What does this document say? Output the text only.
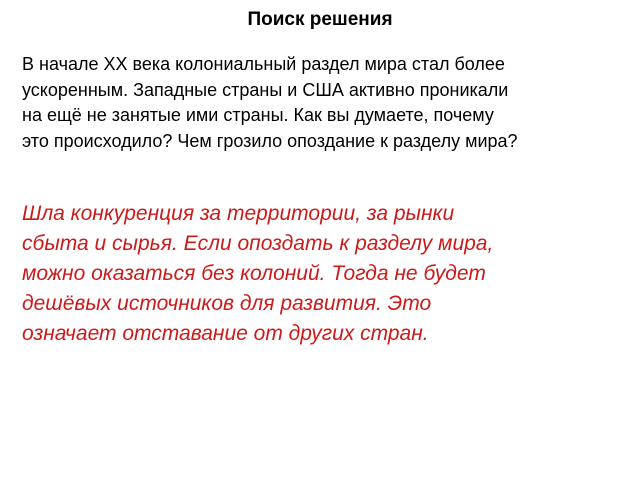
Поиск решения
В начале XX века колониальный раздел мира стал более
ускоренным. Западные страны и США активно проникали
на ещё не занятые ими страны. Как вы думаете, почему
это происходило? Чем грозило опоздание к разделу мира?
Шла конкуренция за территории, за рынки
сбыта и сырья. Если опоздать к разделу мира,
можно оказаться без колоний. Тогда не будет
дешёвых источников для развития. Это
означает отставание от других стран.
